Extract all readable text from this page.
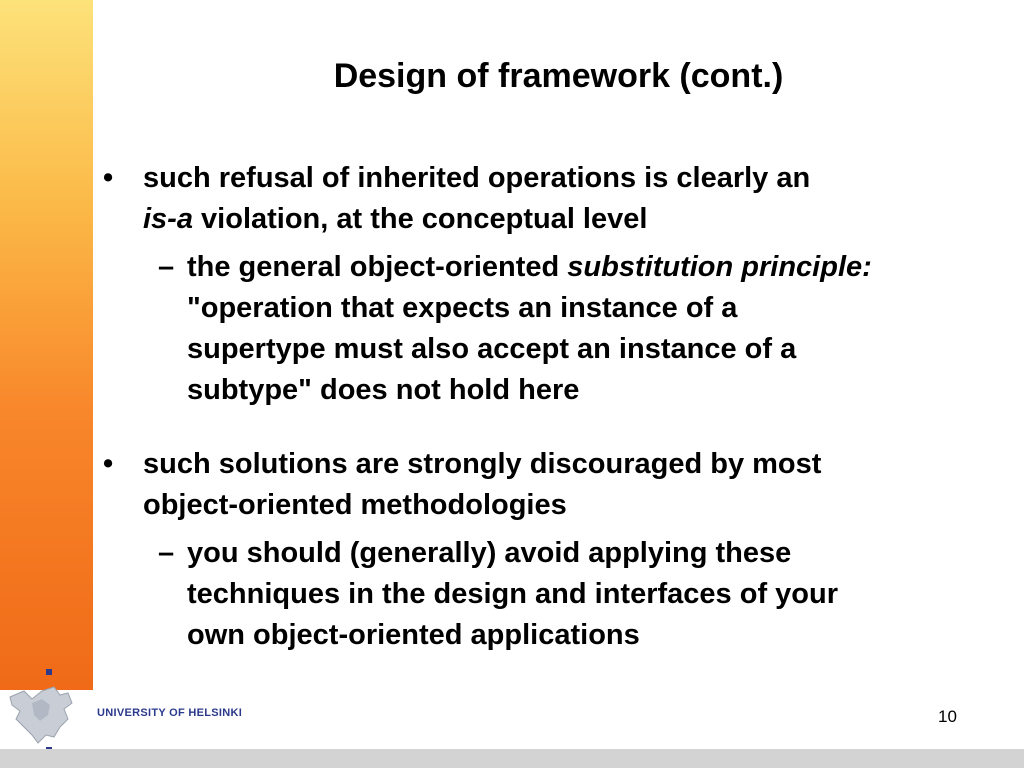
Design of framework (cont.)
• such refusal of inherited operations is clearly an
is-a violation, at the conceptual level
– the general object-oriented substitution principle:
"operation that expects an instance of a
supertype must also accept an instance of a
subtype" does not hold here
• such solutions are strongly discouraged by most
object-oriented methodologies
– you should (generally) avoid applying these
techniques in the design and interfaces of your
own object-oriented applications
UNIVERSITY OF HELSINKI	10
